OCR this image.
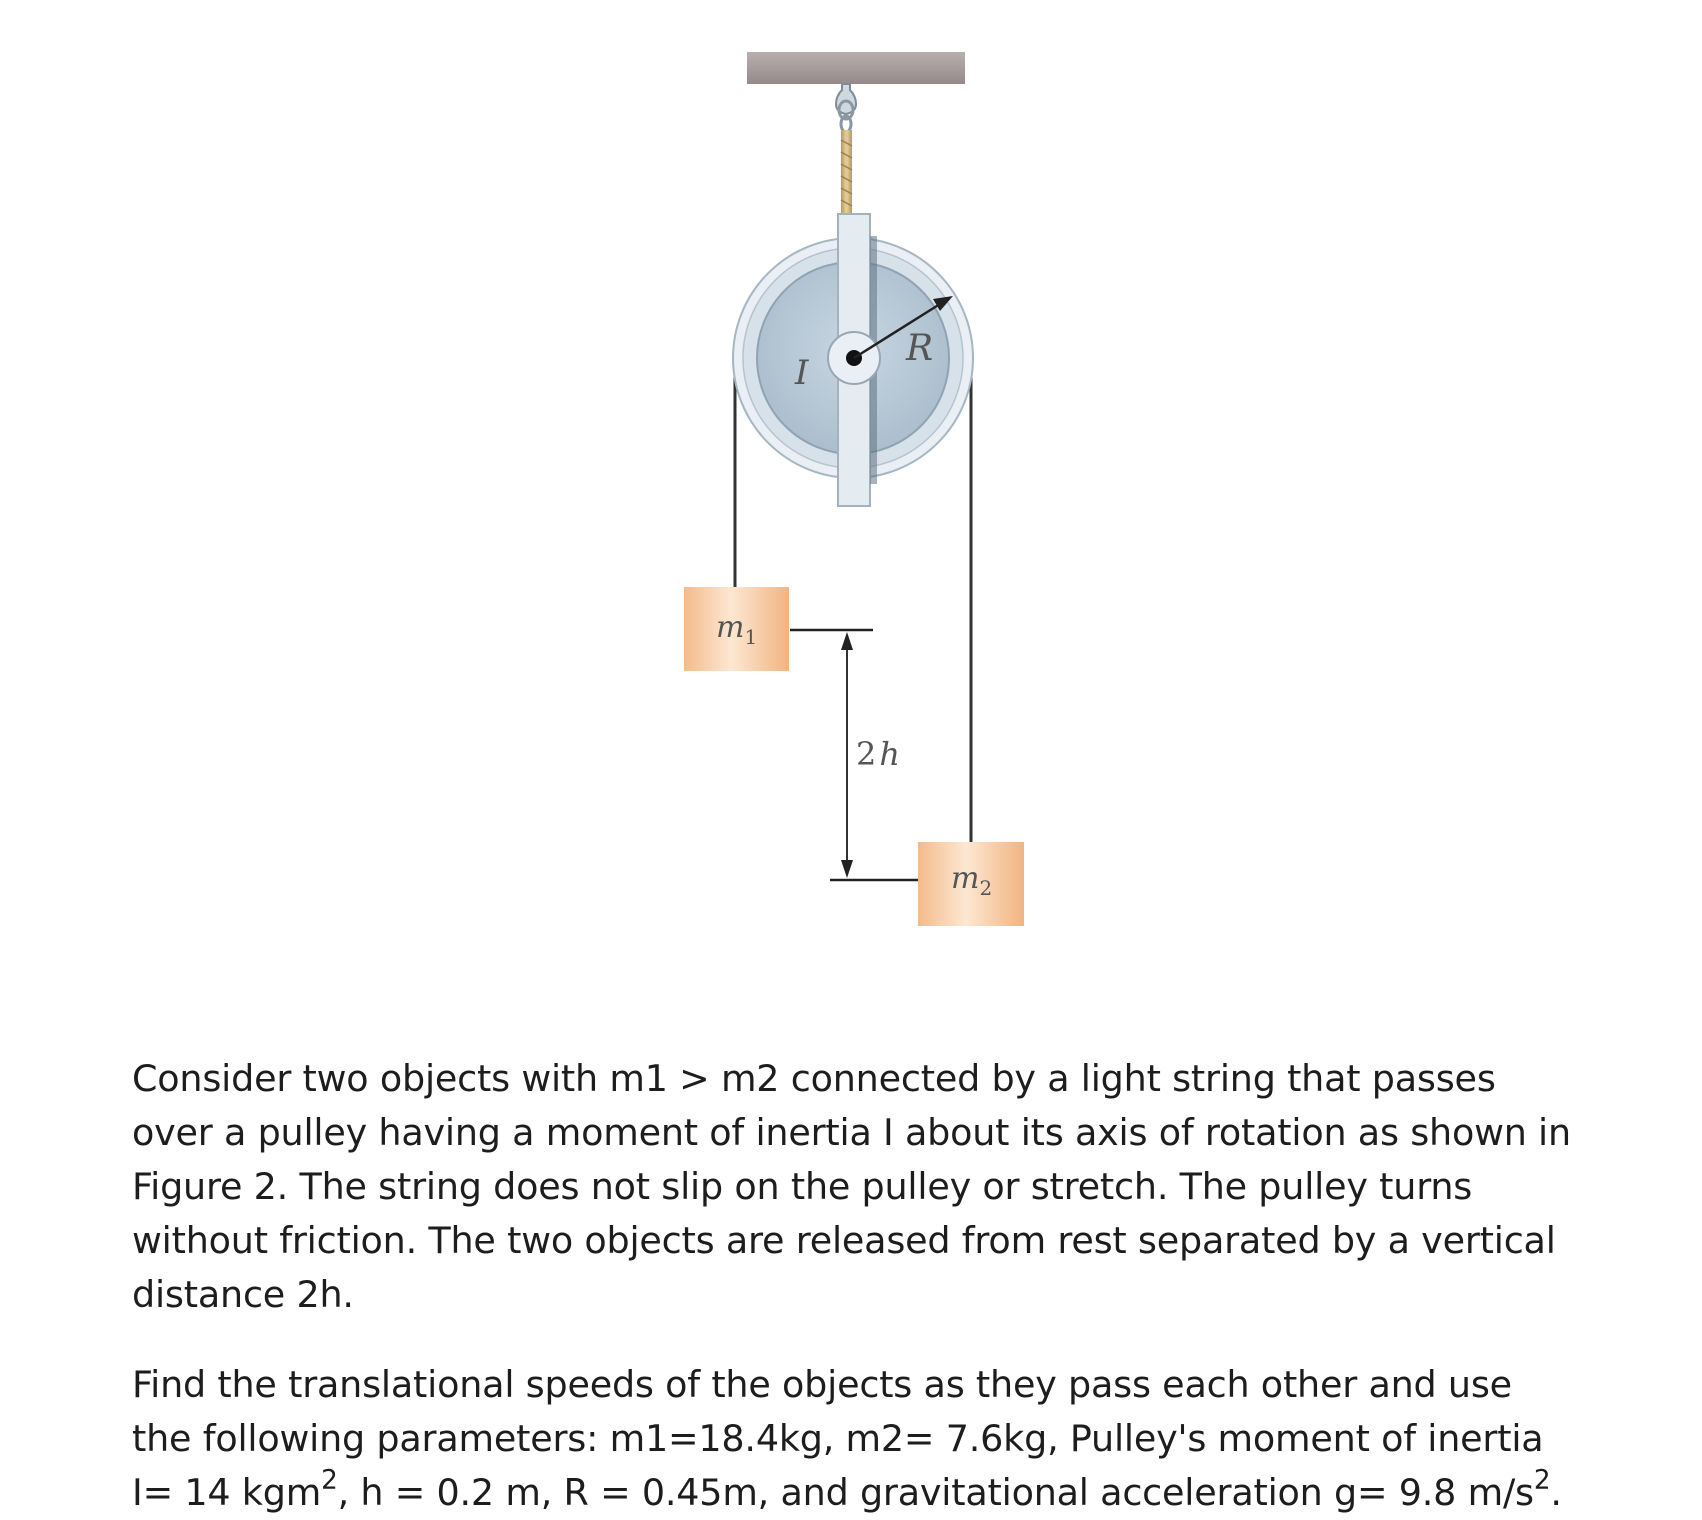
R
I
$m_1$
$m_2$
2h

Consider two objects with m1 > m2 connected by a light string that passes over a pulley having a moment of inertia I about its axis of rotation as shown in Figure 2. The string does not slip on the pulley or stretch. The pulley turns without friction. The two objects are released from rest separated by a vertical distance 2h.

Find the translational speeds of the objects as they pass each other and use the following parameters: m1=18.4kg, m2= 7.6kg, Pulley's moment of inertia I= 14 kgm$^2$, h = 0.2 m, R = 0.45m, and gravitational acceleration g= 9.8 $m/s^2$.
